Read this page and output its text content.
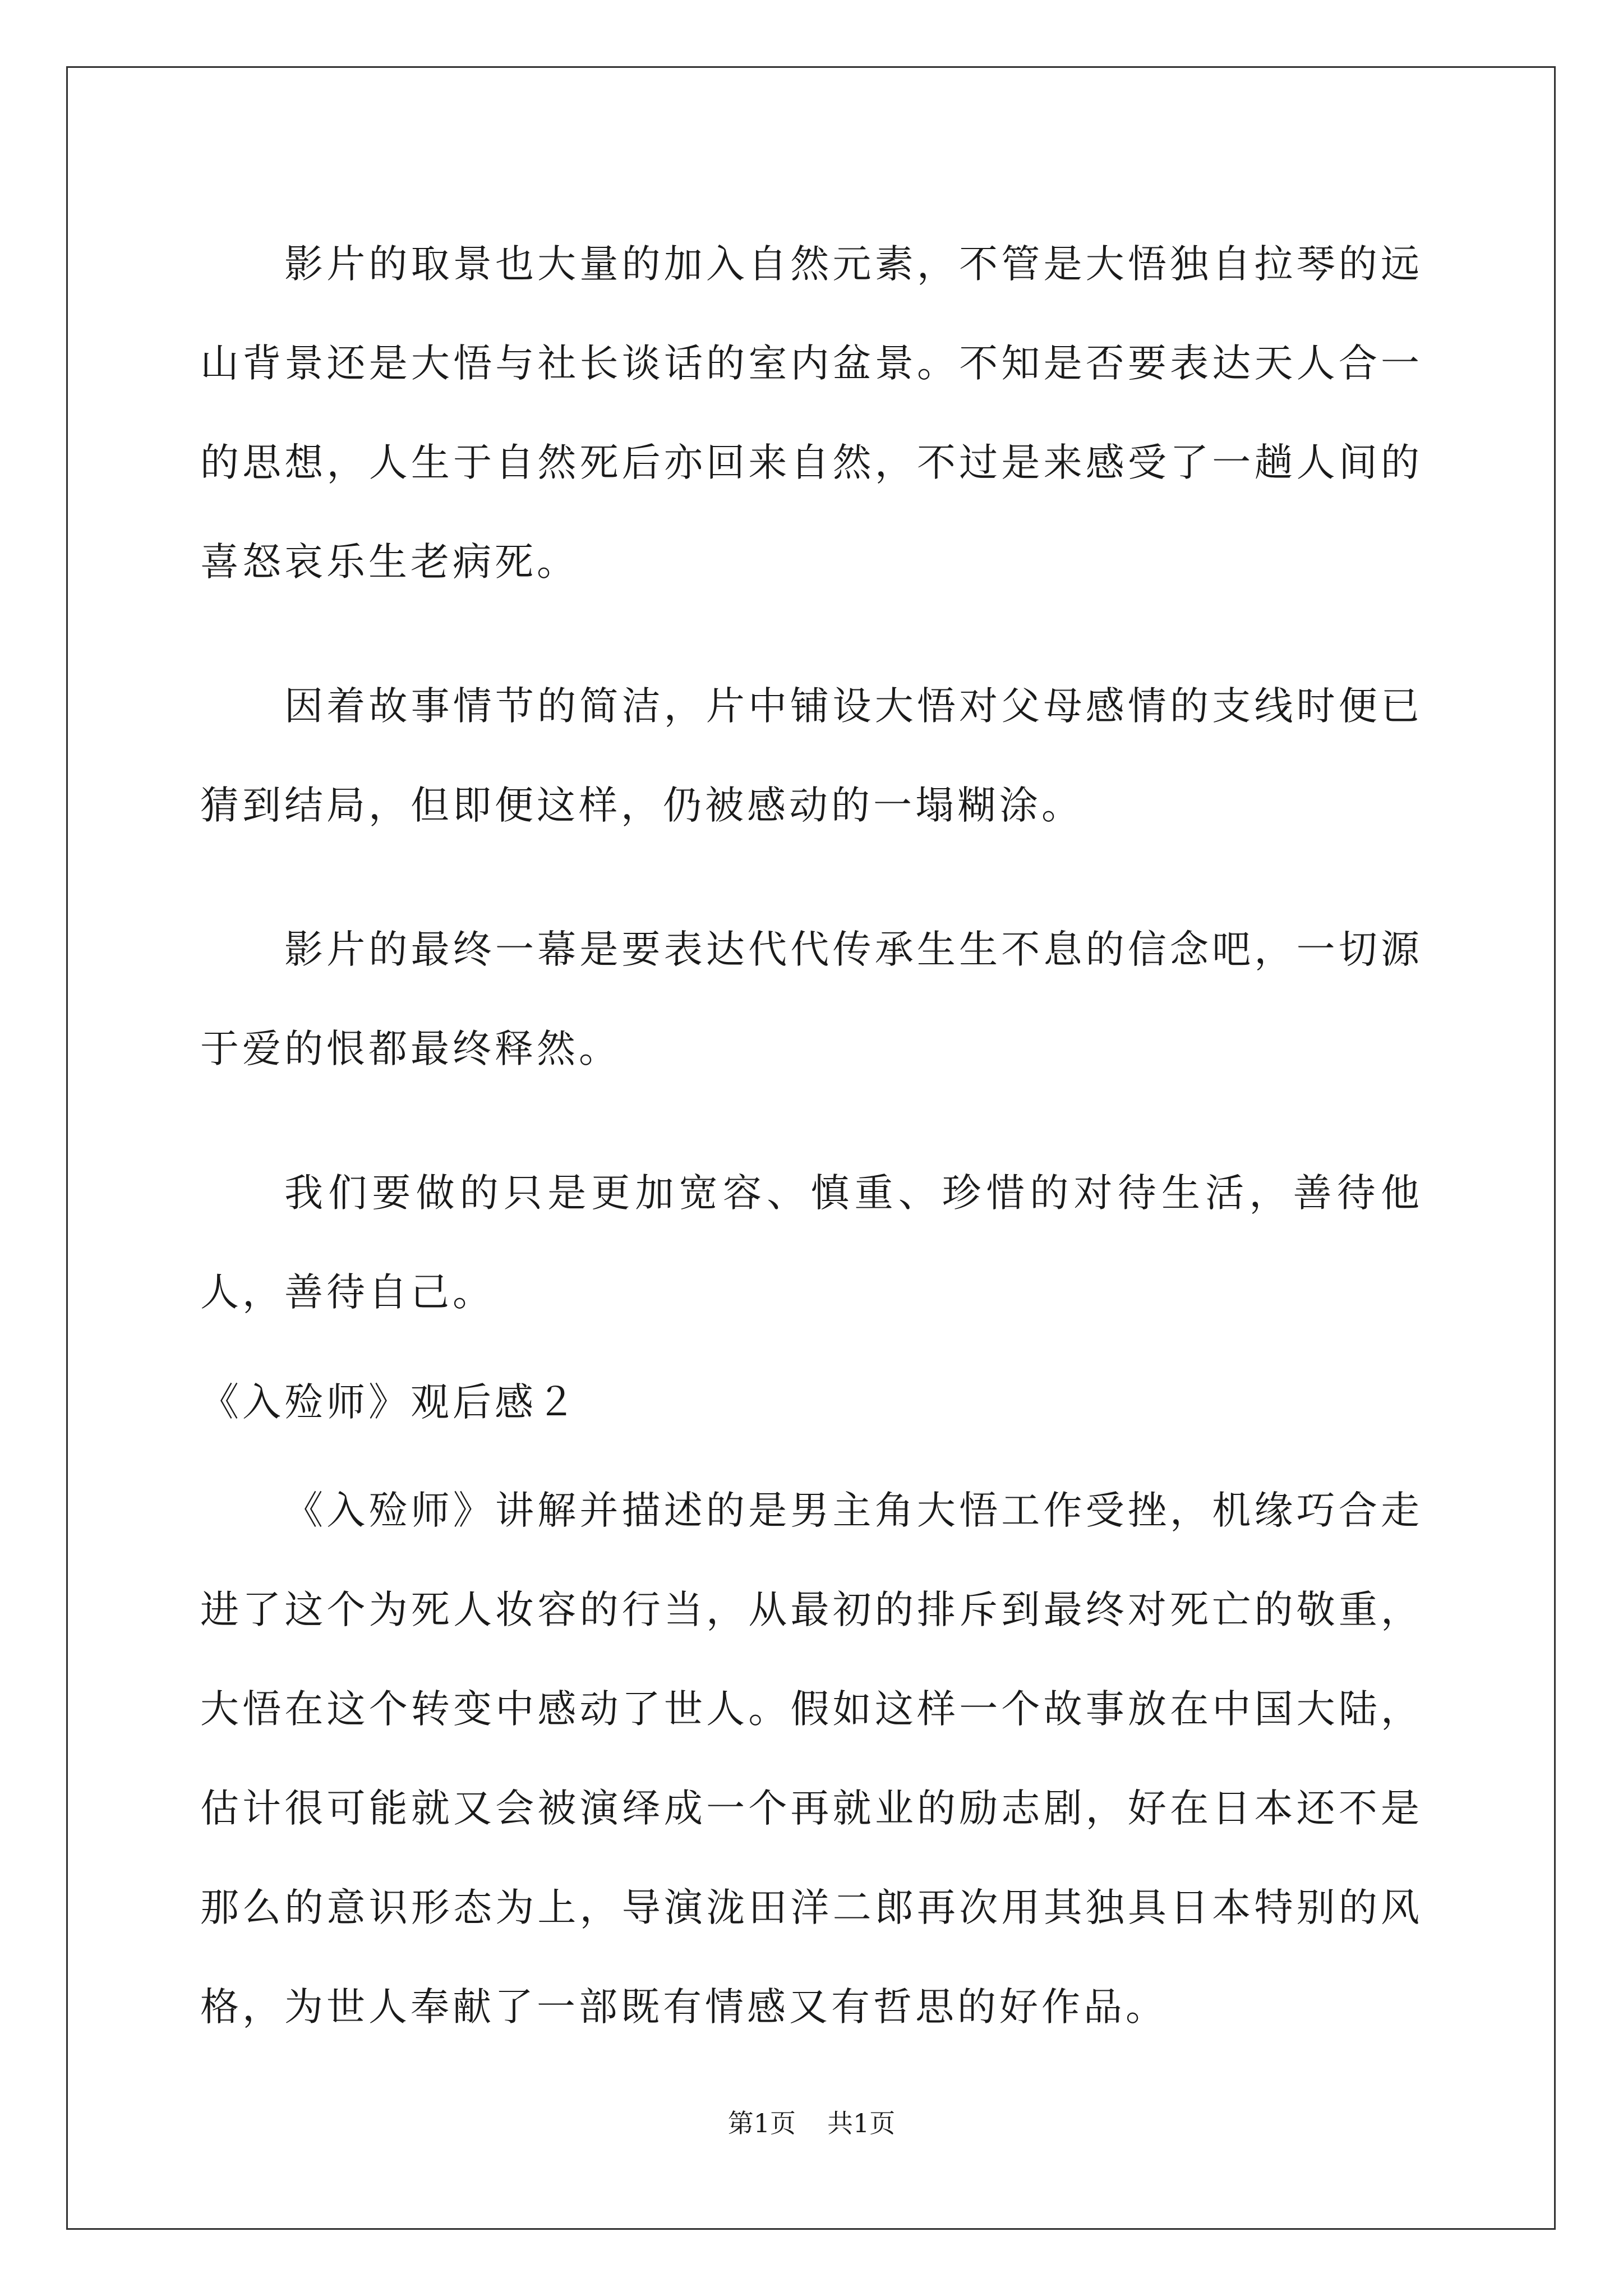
影片的取景也大量的加入自然元素，不管是大悟独自拉琴的远山背景还是大悟与社长谈话的室内盆景。不知是否要表达天人合一的思想，人生于自然死后亦回来自然，不过是来感受了一趟人间的喜怒哀乐生老病死。

因着故事情节的简洁，片中铺设大悟对父母感情的支线时便已猜到结局，但即便这样，仍被感动的一塌糊涂。

影片的最终一幕是要表达代代传承生生不息的信念吧，一切源于爱的恨都最终释然。

我们要做的只是更加宽容、慎重、珍惜的对待生活，善待他人，善待自己。

《入殓师》观后感２

《入殓师》讲解并描述的是男主角大悟工作受挫，机缘巧合走进了这个为死人妆容的行当，从最初的排斥到最终对死亡的敬重，大悟在这个转变中感动了世人。假如这样一个故事放在中国大陆，估计很可能就又会被演绎成一个再就业的励志剧，好在日本还不是那么的意识形态为上，导演泷田洋二郎再次用其独具日本特别的风格，为世人奉献了一部既有情感又有哲思的好作品。

第1页 共1页
